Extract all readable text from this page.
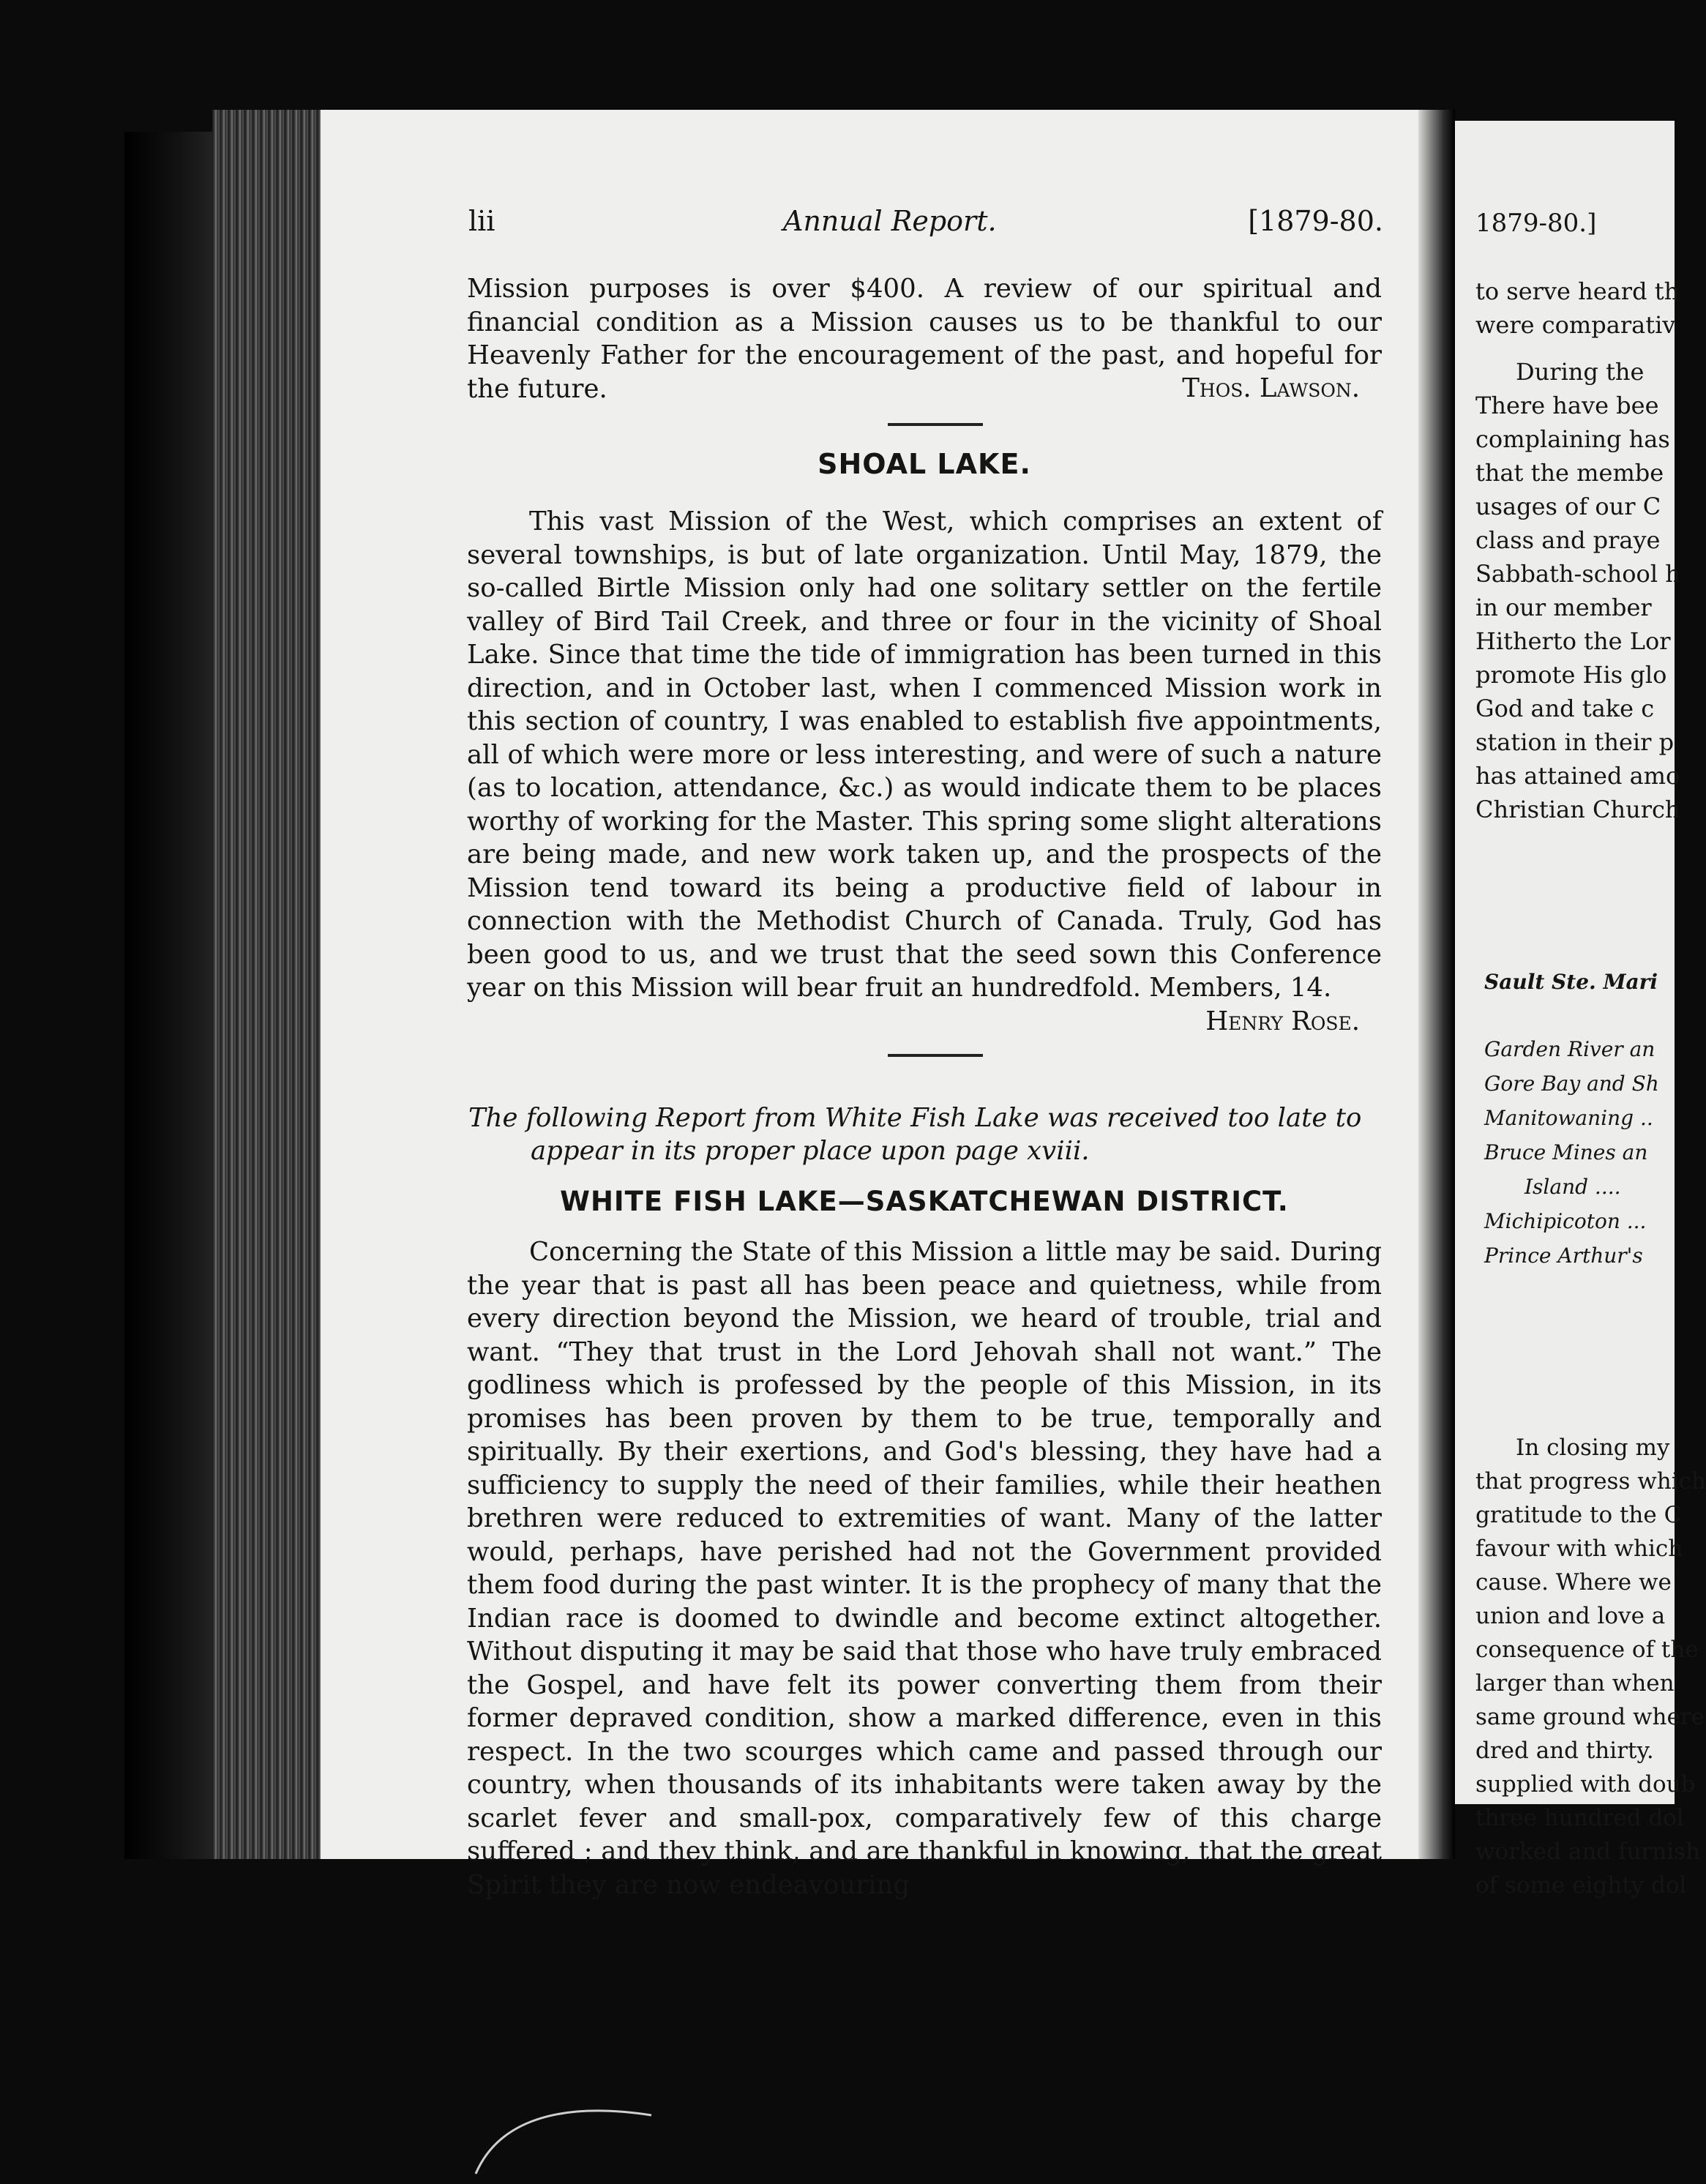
lii	Annual Report.	[1879-80.

Mission purposes is over $400. A review of our spiritual and financial condition as a Mission causes us to be thankful to our Heavenly Father for the encouragement of the past, and hopeful for the future.	Thos. Lawson.

SHOAL LAKE.

This vast Mission of the West, which comprises an extent of several townships, is but of late organization. Until May, 1879, the so-called Birtle Mission only had one solitary settler on the fertile valley of Bird Tail Creek, and three or four in the vicinity of Shoal Lake. Since that time the tide of immigration has been turned in this direction, and in October last, when I commenced Mission work in this section of country, I was enabled to establish five appointments, all of which were more or less interesting, and were of such a nature (as to location, attendance, &c.) as would indicate them to be places worthy of working for the Master. This spring some slight alterations are being made, and new work taken up, and the prospects of the Mission tend toward its being a productive field of labour in connection with the Methodist Church of Canada. Truly, God has been good to us, and we trust that the seed sown this Conference year on this Mission will bear fruit an hundredfold. Members, 14.

Henry Rose.

The following Report from White Fish Lake was received too late to
appear in its proper place upon page xviii.
WHITE FISH LAKE—SASKATCHEWAN DISTRICT.

Concerning the State of this Mission a little may be said. During the year that is past all has been peace and quietness, while from every direction beyond the Mission, we heard of trouble, trial and want. “They that trust in the Lord Jehovah shall not want.” The godliness which is professed by the people of this Mission, in its promises has been proven by them to be true, temporally and spiritually. By their exertions, and God's blessing, they have had a sufficiency to supply the need of their families, while their heathen brethren were reduced to extremities of want. Many of the latter would, perhaps, have perished had not the Government provided them food during the past winter. It is the prophecy of many that the Indian race is doomed to dwindle and become extinct altogether. Without disputing it may be said that those who have truly embraced the Gospel, and have felt its power converting them from their former depraved condition, show a marked difference, even in this respect. In the two scourges which came and passed through our country, when thousands of its inhabitants were taken away by the scarlet fever and small-pox, comparatively few of this charge suffered ; and they think, and are thankful in knowing, that the great Spirit they are now endeavouring

1879-80.]
to serve heard th
were comparativ
During the
There have bee
complaining has
that the membe
usages of our C
class and praye
Sabbath-school h
in our member
Hitherto the Lor
promote His glo
God and take c
station in their p
has attained amo
Christian Church
Sault Ste. Mari
Garden River an
Gore Bay and Sh
Manitowaning ..
Bruce Mines an
Island ....
Michipicoton ...
Prince Arthur's
In closing my
that progress which
gratitude to the C
favour with which
cause. Where we
union and love a
consequence of the
larger than when
same ground where
dred and thirty.
supplied with doub
three hundred dol
worked and furnish
of some eighty dol
